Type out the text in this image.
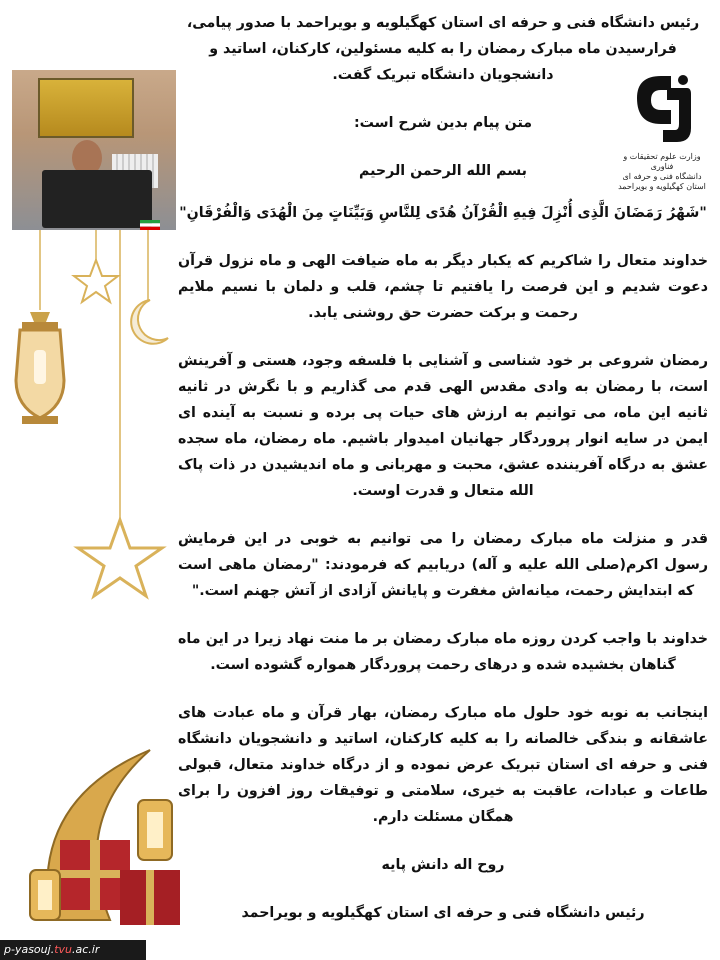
رئیس دانشگاه فنی و حرفه ای استان کهگیلویه و بویراحمد با صدور پیامی، فرارسیدن ماه مبارک رمضان را به کلیه مسئولین، کارکنان، اساتید و دانشجویان دانشگاه تبریک گفت.

متن پیام بدین شرح است:

بسم الله الرحمن الرحیم

"شَهْرُ رَمَضَانَ الَّذِی أُنْزِلَ فِیهِ الْقُرْآنُ هُدًی لِلنَّاسِ وَبَیِّنَاتٍ مِنَ الْهُدَی وَالْفُرْقَانِ"

خداوند متعال را شاکریم که یکبار دیگر به ماه ضیافت الهی و ماه نزول قرآن دعوت شدیم و این فرصت را یافتیم تا چشم، قلب و دلمان با نسیم ملایم رحمت و برکت حضرت حق روشنی یابد.

رمضان شروعی بر خود شناسی و آشنایی با فلسفه وجود، هستی و آفرینش است، با رمضان به وادی مقدس الهی قدم می گذاریم و با نگرش در ثانیه ثانیه این ماه، می توانیم به ارزش های حیات پی برده و نسبت به آینده ای ایمن در سایه انوار پروردگار جهانیان امیدوار باشیم. ماه رمضان، ماه سجده عشق به درگاه آفریننده عشق، محبت و مهربانی و ماه اندیشیدن در ذات پاک الله متعال و قدرت اوست.

قدر و منزلت ماه مبارک رمضان را می توانیم به خوبی در این فرمایش رسول اکرم(صلی الله علیه و آله) دریابیم که فرمودند: "رمضان ماهی است که ابتدایش رحمت، میانه‌اش مغفرت و پایانش آزادی از آتش جهنم است."

خداوند با واجب کردن روزه ماه مبارک رمضان بر ما منت نهاد زیرا در این ماه گناهان بخشیده شده و درهای رحمت پروردگار همواره گشوده است.

اینجانب به نوبه خود حلول ماه مبارک رمضان، بهار قرآن و ماه عبادت های عاشقانه و بندگی خالصانه را به کلیه کارکنان، اساتید و دانشجویان دانشگاه فنی و حرفه ای استان تبریک عرض نموده و از درگاه خداوند متعال، قبولی طاعات و عبادات، عاقبت به خیری، سلامتی و توفیقات روز افزون را برای همگان مسئلت دارم.

روح اله دانش پایه

رئیس دانشگاه فنی و حرفه ای استان کهگیلویه و بویراحمد

وزارت علوم تحقیقات و فناوری
دانشگاه فنی و حرفه ای
استان کهگیلویه و بویراحمد
p-yasouj.tvu.ac.ir
